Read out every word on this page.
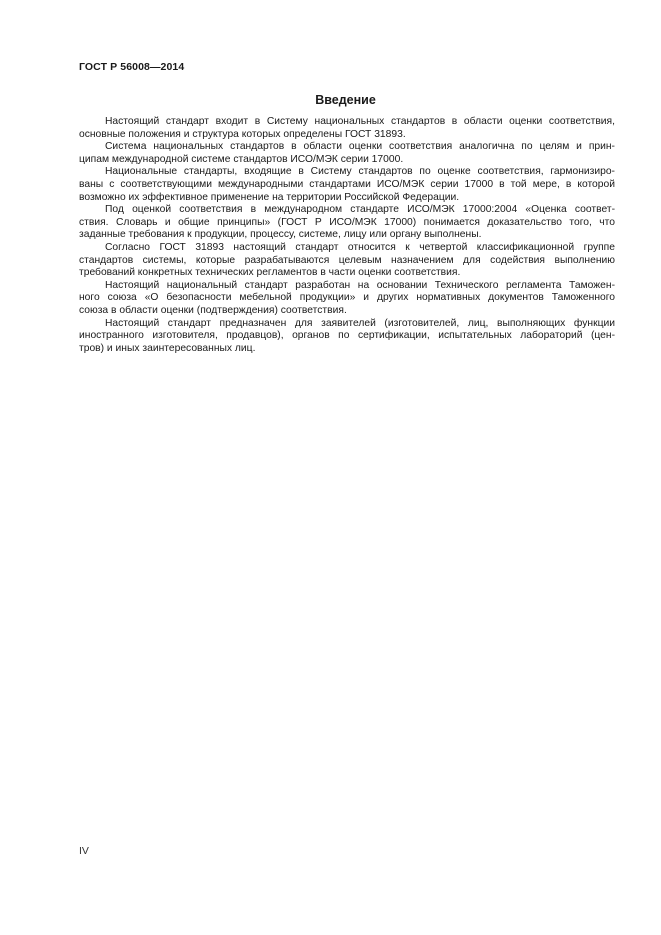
ГОСТ Р 56008—2014
Введение

Настоящий стандарт входит в Систему национальных стандартов в области оценки соответствия,
основные положения и структура которых определены ГОСТ 31893.

Система национальных стандартов в области оценки соответствия аналогична по целям и прин-
ципам международной системе стандартов ИСО/МЭК серии 17000.

Национальные стандарты, входящие в Систему стандартов по оценке соответствия, гармонизиро-
ваны с соответствующими международными стандартами ИСО/МЭК серии 17000 в той мере, в которой
возможно их эффективное применение на территории Российской Федерации.

Под оценкой соответствия в международном стандарте ИСО/МЭК 17000:2004 «Оценка соответ-
ствия. Словарь и общие принципы» (ГОСТ Р ИСО/МЭК 17000) понимается доказательство того, что
заданные требования к продукции, процессу, системе, лицу или органу выполнены.

Согласно ГОСТ 31893 настоящий стандарт относится к четвертой классификационной группе
стандартов системы, которые разрабатываются целевым назначением для содействия выполнению
требований конкретных технических регламентов в части оценки соответствия.

Настоящий национальный стандарт разработан на основании Технического регламента Таможен-
ного союза «О безопасности мебельной продукции» и других нормативных документов Таможенного
союза в области оценки (подтверждения) соответствия.

Настоящий стандарт предназначен для заявителей (изготовителей, лиц, выполняющих функции
иностранного изготовителя, продавцов), органов по сертификации, испытательных лабораторий (цен-
тров) и иных заинтересованных лиц.

IV
